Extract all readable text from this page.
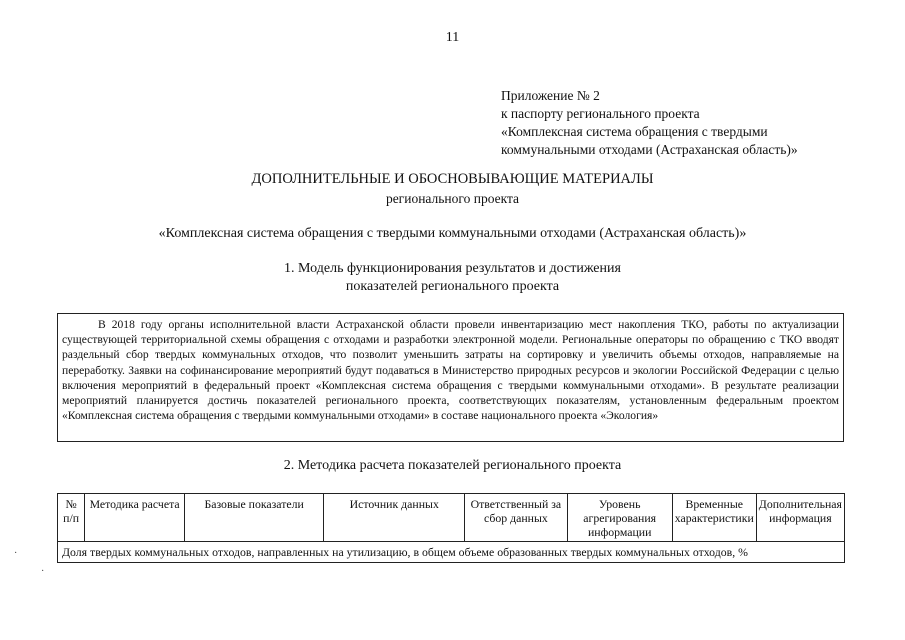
11
Приложение № 2
к паспорту регионального проекта
«Комплексная система обращения с твердыми
коммунальными отходами (Астраханская область)»
ДОПОЛНИТЕЛЬНЫЕ И ОБОСНОВЫВАЮЩИЕ МАТЕРИАЛЫ
регионального проекта
«Комплексная система обращения с твердыми коммунальными отходами (Астраханская область)»
1. Модель функционирования результатов и достижения
показателей регионального проекта

В 2018 году органы исполнительной власти Астраханской области провели инвентаризацию мест накопления ТКО, работы по актуализации существующей территориальной схемы обращения с отходами и разработки электронной модели. Региональные операторы по обращению с ТКО вводят раздельный сбор твердых коммунальных отходов, что позволит уменьшить затраты на сортировку и увеличить объемы отходов, направляемые на переработку. Заявки на софинансирование мероприятий будут подаваться в Министерство природных ресурсов и экологии Российской Федерации с целью включения мероприятий в федеральный проект «Комплексная система обращения с твердыми коммунальными отходами». В результате реализации мероприятий планируется достичь показателей регионального проекта, соответствующих показателям, установленным федеральным проектом «Комплексная система обращения с твердыми коммунальными отходами» в составе национального проекта «Экология»

2. Методика расчета показателей регионального проекта
№ п/п	Методика расчета	Базовые показатели	Источник данных	Ответственный за сбор данных	Уровень агрегирования информации	Временные характеристики	Дополнительная информация
Доля твердых коммунальных отходов, направленных на утилизацию, в общем объеме образованных твердых коммунальных отходов, %
·
·
